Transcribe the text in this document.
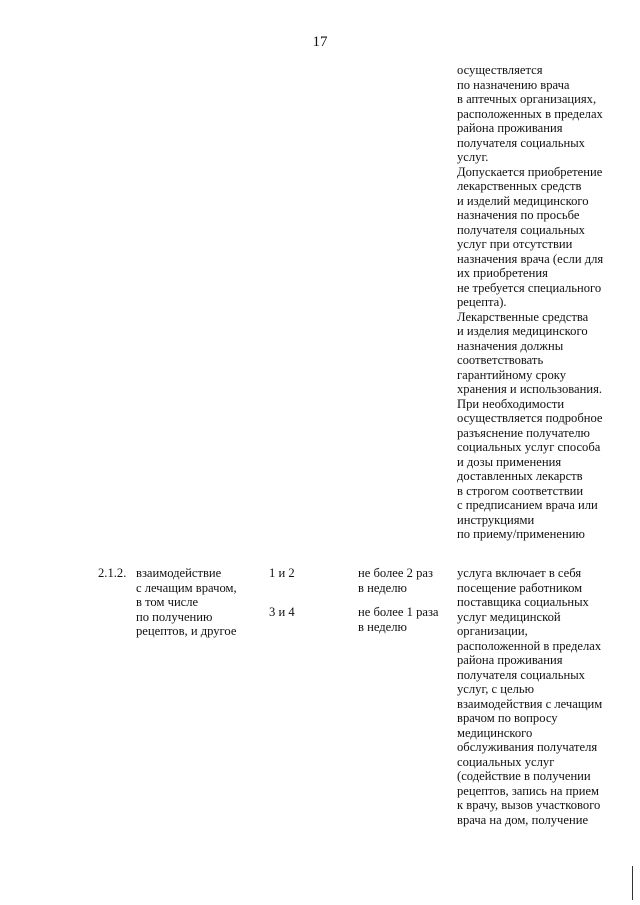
17
осуществляется
по назначению врача
в аптечных организациях,
расположенных в пределах
района проживания
получателя социальных
услуг.
Допускается приобретение
лекарственных средств
и изделий медицинского
назначения по просьбе
получателя социальных
услуг при отсутствии
назначения врача (если для
их приобретения
не требуется специального
рецепта).
Лекарственные средства
и изделия медицинского
назначения должны
соответствовать
гарантийному сроку
хранения и использования.
При необходимости
осуществляется подробное
разъяснение получателю
социальных услуг способа
и дозы применения
доставленных лекарств
в строгом соответствии
с предписанием врача или
инструкциями
по приему/применению
2.1.2. взаимодействие
с лечащим врачом,
в том числе
по получению
рецептов, и другое
1 и 2
3 и 4
не более 2 раз
в неделю
не более 1 раза
в неделю
услуга включает в себя
посещение работником
поставщика социальных
услуг медицинской
организации,
расположенной в пределах
района проживания
получателя социальных
услуг, с целью
взаимодействия с лечащим
врачом по вопросу
медицинского
обслуживания получателя
социальных услуг
(содействие в получении
рецептов, запись на прием
к врачу, вызов участкового
врача на дом, получение
